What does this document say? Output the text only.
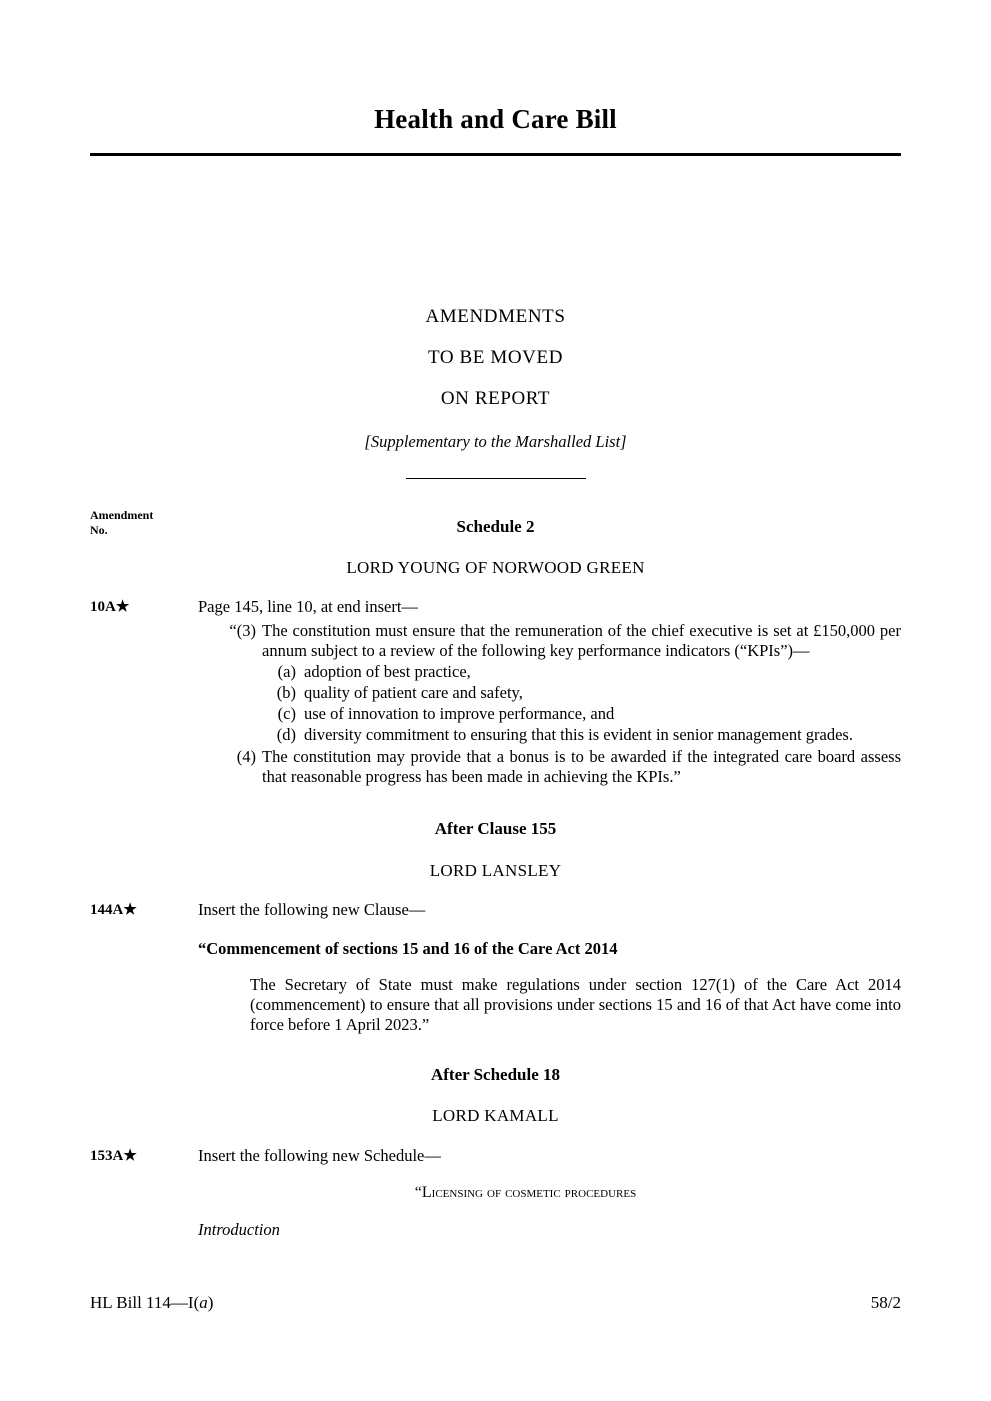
Health and Care Bill
AMENDMENTS
TO BE MOVED
ON REPORT
[Supplementary to the Marshalled List]
Amendment
No.	Schedule 2
LORD YOUNG OF NORWOOD GREEN
10A★	Page 145, line 10, at end insert—
“(3) The constitution must ensure that the remuneration of the chief executive is set at £150,000 per annum subject to a review of the following key performance indicators (“KPIs”)—
(a) adoption of best practice,
(b) quality of patient care and safety,
(c) use of innovation to improve performance, and
(d) diversity commitment to ensuring that this is evident in senior management grades.
(4) The constitution may provide that a bonus is to be awarded if the integrated care board assess that reasonable progress has been made in achieving the KPIs.”
After Clause 155
LORD LANSLEY
144A★	Insert the following new Clause—
“Commencement of sections 15 and 16 of the Care Act 2014
The Secretary of State must make regulations under section 127(1) of the Care Act 2014 (commencement) to ensure that all provisions under sections 15 and 16 of that Act have come into force before 1 April 2023.”
After Schedule 18
LORD KAMALL
153A★	Insert the following new Schedule—
“Licensing of cosmetic procedures
Introduction
HL Bill 114—I(a)	58/2
